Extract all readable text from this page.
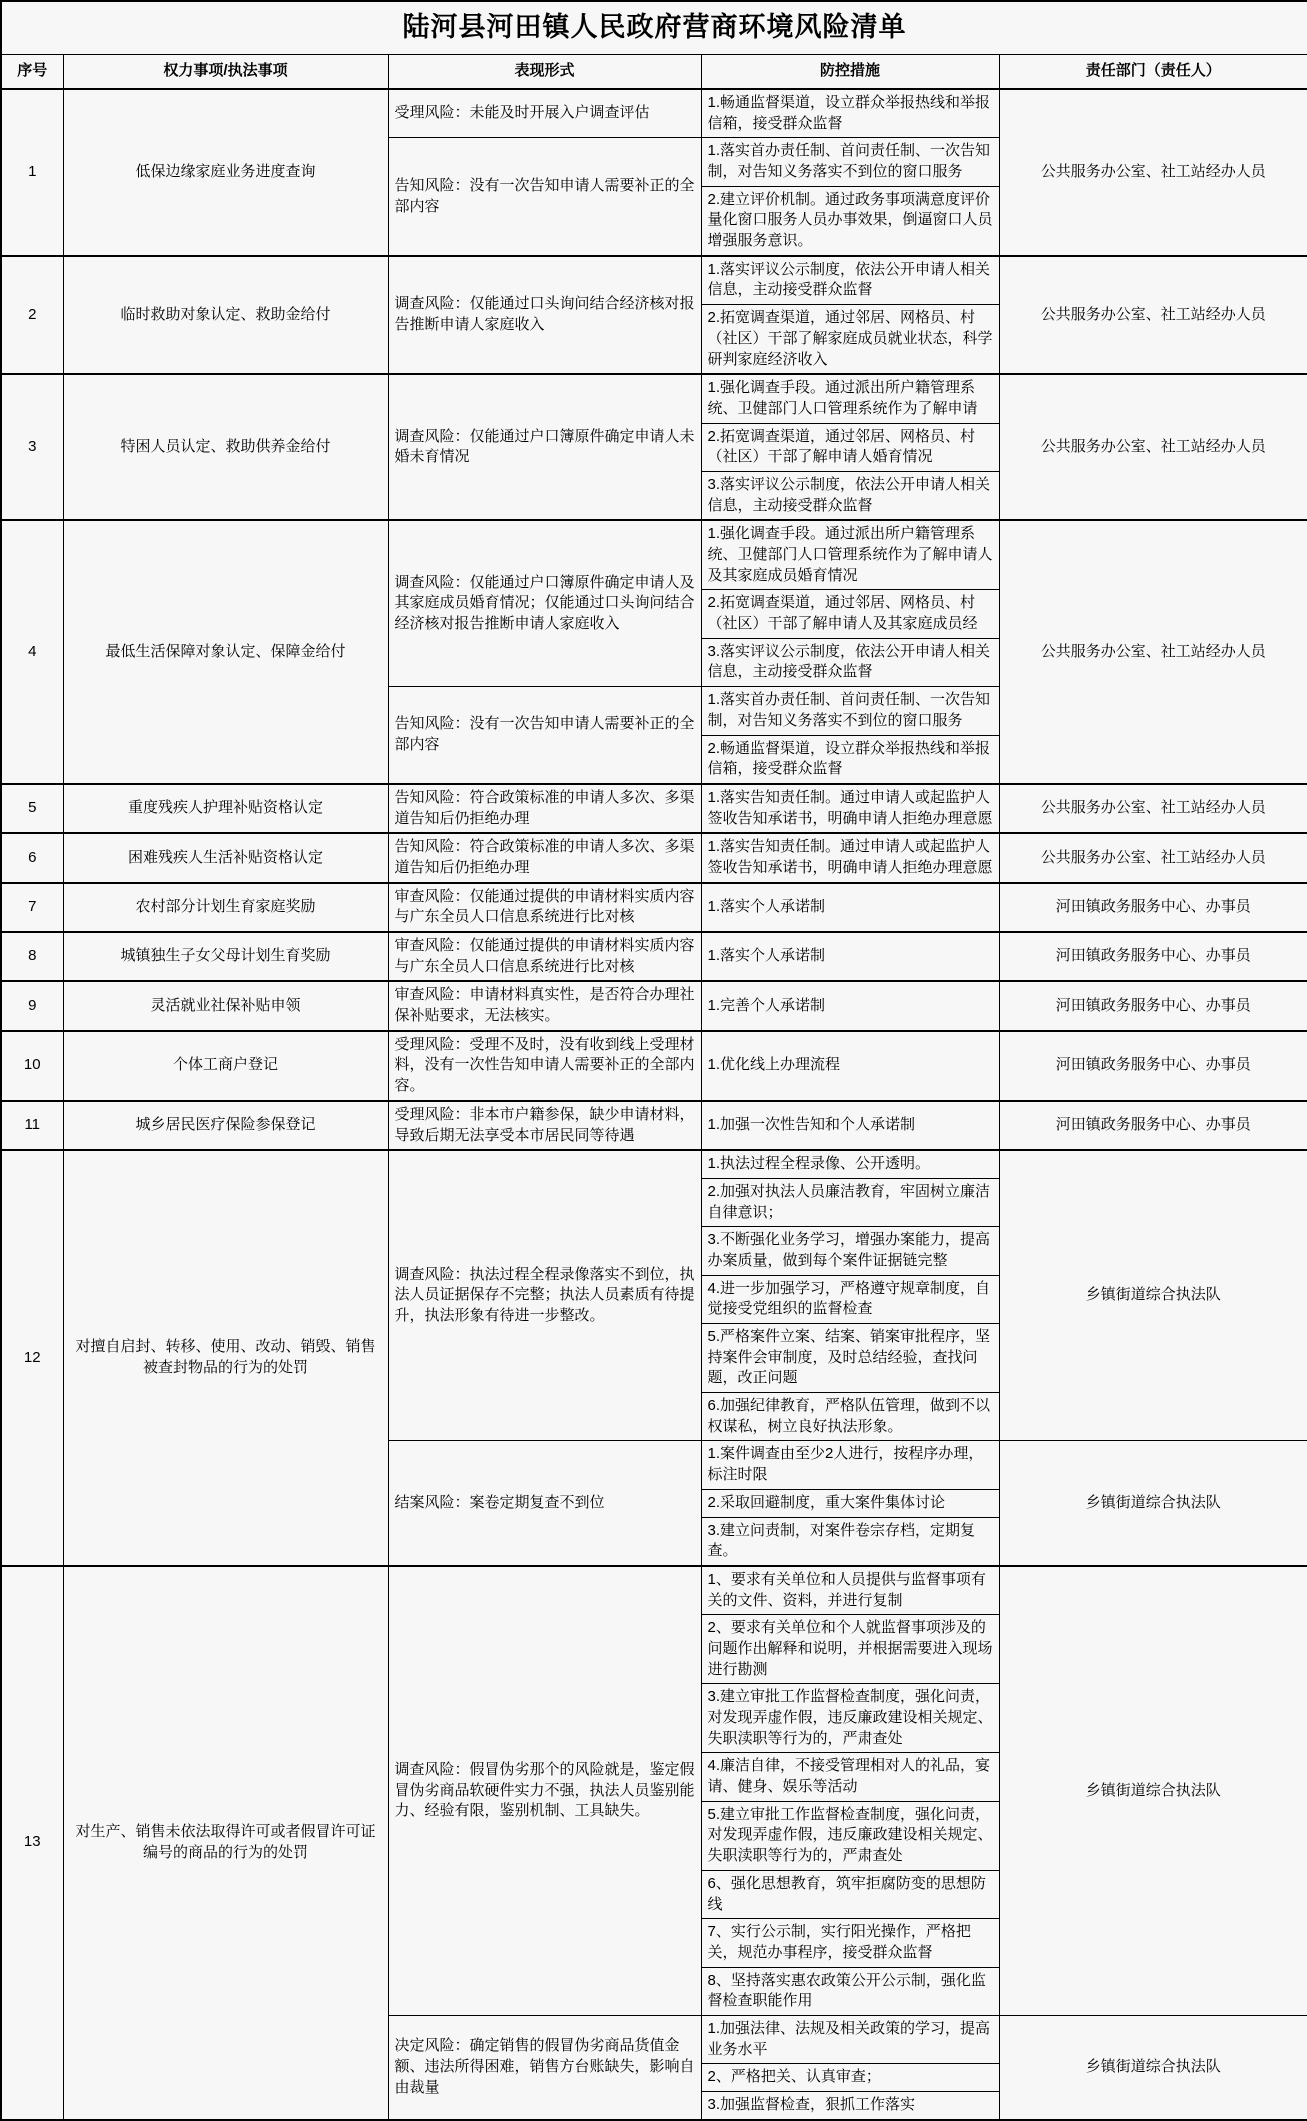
陆河县河田镇人民政府营商环境风险清单				
序号	权力事项/执法事项	表现形式	防控措施	责任部门（责任人）
1	低保边缘家庭业务进度查询	受理风险：未能及时开展入户调查评估	1.畅通监督渠道，设立群众举报热线和举报信箱，接受群众监督	公共服务办公室、社工站经办人员
		告知风险：没有一次告知申请人需要补正的全部内容	1.落实首办责任制、首问责任制、一次告知制，对告知义务落实不到位的窗口服务	
			2.建立评价机制。通过政务事项满意度评价量化窗口服务人员办事效果，倒逼窗口人员增强服务意识。	
2	临时救助对象认定、救助金给付	调查风险：仅能通过口头询问结合经济核对报告推断申请人家庭收入	1.落实评议公示制度，依法公开申请人相关信息，主动接受群众监督	公共服务办公室、社工站经办人员
			2.拓宽调查渠道，通过邻居、网格员、村（社区）干部了解家庭成员就业状态，科学研判家庭经济收入	
3	特困人员认定、救助供养金给付	调查风险：仅能通过户口簿原件确定申请人未婚未育情况	1.强化调查手段。通过派出所户籍管理系统、卫健部门人口管理系统作为了解申请	公共服务办公室、社工站经办人员
			2.拓宽调查渠道，通过邻居、网格员、村（社区）干部了解申请人婚育情况	
			3.落实评议公示制度，依法公开申请人相关信息，主动接受群众监督	
4	最低生活保障对象认定、保障金给付	调查风险：仅能通过户口簿原件确定申请人及其家庭成员婚育情况；仅能通过口头询问结合经济核对报告推断申请人家庭收入	1.强化调查手段。通过派出所户籍管理系统、卫健部门人口管理系统作为了解申请人及其家庭成员婚育情况	公共服务办公室、社工站经办人员
			2.拓宽调查渠道，通过邻居、网格员、村（社区）干部了解申请人及其家庭成员经	
			3.落实评议公示制度，依法公开申请人相关信息，主动接受群众监督	
		告知风险：没有一次告知申请人需要补正的全部内容	1.落实首办责任制、首问责任制、一次告知制，对告知义务落实不到位的窗口服务	
			2.畅通监督渠道，设立群众举报热线和举报信箱，接受群众监督	
5	重度残疾人护理补贴资格认定	告知风险：符合政策标准的申请人多次、多渠道告知后仍拒绝办理	1.落实告知责任制。通过申请人或起监护人签收告知承诺书，明确申请人拒绝办理意愿	公共服务办公室、社工站经办人员
6	困难残疾人生活补贴资格认定	告知风险：符合政策标准的申请人多次、多渠道告知后仍拒绝办理	1.落实告知责任制。通过申请人或起监护人签收告知承诺书，明确申请人拒绝办理意愿	公共服务办公室、社工站经办人员
7	农村部分计划生育家庭奖励	审查风险：仅能通过提供的申请材料实质内容与广东全员人口信息系统进行比对核	1.落实个人承诺制	河田镇政务服务中心、办事员
8	城镇独生子女父母计划生育奖励	审查风险：仅能通过提供的申请材料实质内容与广东全员人口信息系统进行比对核	1.落实个人承诺制	河田镇政务服务中心、办事员
9	灵活就业社保补贴申领	审查风险：申请材料真实性，是否符合办理社保补贴要求，无法核实。	1.完善个人承诺制	河田镇政务服务中心、办事员
10	个体工商户登记	受理风险：受理不及时，没有收到线上受理材料，没有一次性告知申请人需要补正的全部内容。	1.优化线上办理流程	河田镇政务服务中心、办事员
11	城乡居民医疗保险参保登记	受理风险：非本市户籍参保，缺少申请材料，导致后期无法享受本市居民同等待遇	1.加强一次性告知和个人承诺制	河田镇政务服务中心、办事员
12	对擅自启封、转移、使用、改动、销毁、销售被查封物品的行为的处罚	调查风险：执法过程全程录像落实不到位，执法人员证据保存不完整；执法人员素质有待提升，执法形象有待进一步整改。	1.执法过程全程录像、公开透明。	乡镇街道综合执法队
			2.加强对执法人员廉洁教育，牢固树立廉洁自律意识；	
			3.不断强化业务学习，增强办案能力，提高办案质量，做到每个案件证据链完整	
			4.进一步加强学习，严格遵守规章制度，自觉接受党组织的监督检查	
			5.严格案件立案、结案、销案审批程序，坚持案件会审制度，及时总结经验，查找问题，改正问题	
			6.加强纪律教育，严格队伍管理，做到不以权谋私，树立良好执法形象。	
		结案风险：案卷定期复查不到位	1.案件调查由至少2人进行，按程序办理，标注时限	乡镇街道综合执法队
			2.采取回避制度，重大案件集体讨论	
			3.建立问责制，对案件卷宗存档，定期复查。	
13	对生产、销售未依法取得许可或者假冒许可证编号的商品的行为的处罚	调查风险：假冒伪劣那个的风险就是，鉴定假冒伪劣商品软硬件实力不强，执法人员鉴别能力、经验有限，鉴别机制、工具缺失。	1、要求有关单位和人员提供与监督事项有关的文件、资料，并进行复制	乡镇街道综合执法队
			2、要求有关单位和个人就监督事项涉及的问题作出解释和说明，并根据需要进入现场进行勘测	
			3.建立审批工作监督检查制度，强化问责，对发现弄虚作假，违反廉政建设相关规定、失职渎职等行为的，严肃查处	
			4.廉洁自律，不接受管理相对人的礼品，宴请、健身、娱乐等活动	
			5.建立审批工作监督检查制度，强化问责，对发现弄虚作假，违反廉政建设相关规定、失职渎职等行为的，严肃查处	
			6、强化思想教育，筑牢拒腐防变的思想防线	
			7、实行公示制，实行阳光操作，严格把关，规范办事程序，接受群众监督	
			8、坚持落实惠农政策公开公示制，强化监督检查职能作用	
		决定风险：确定销售的假冒伪劣商品货值金额、违法所得困难，销售方台账缺失，影响自由裁量	1.加强法律、法规及相关政策的学习，提高业务水平	乡镇街道综合执法队
			2、严格把关、认真审查；	
			3.加强监督检查，狠抓工作落实	
